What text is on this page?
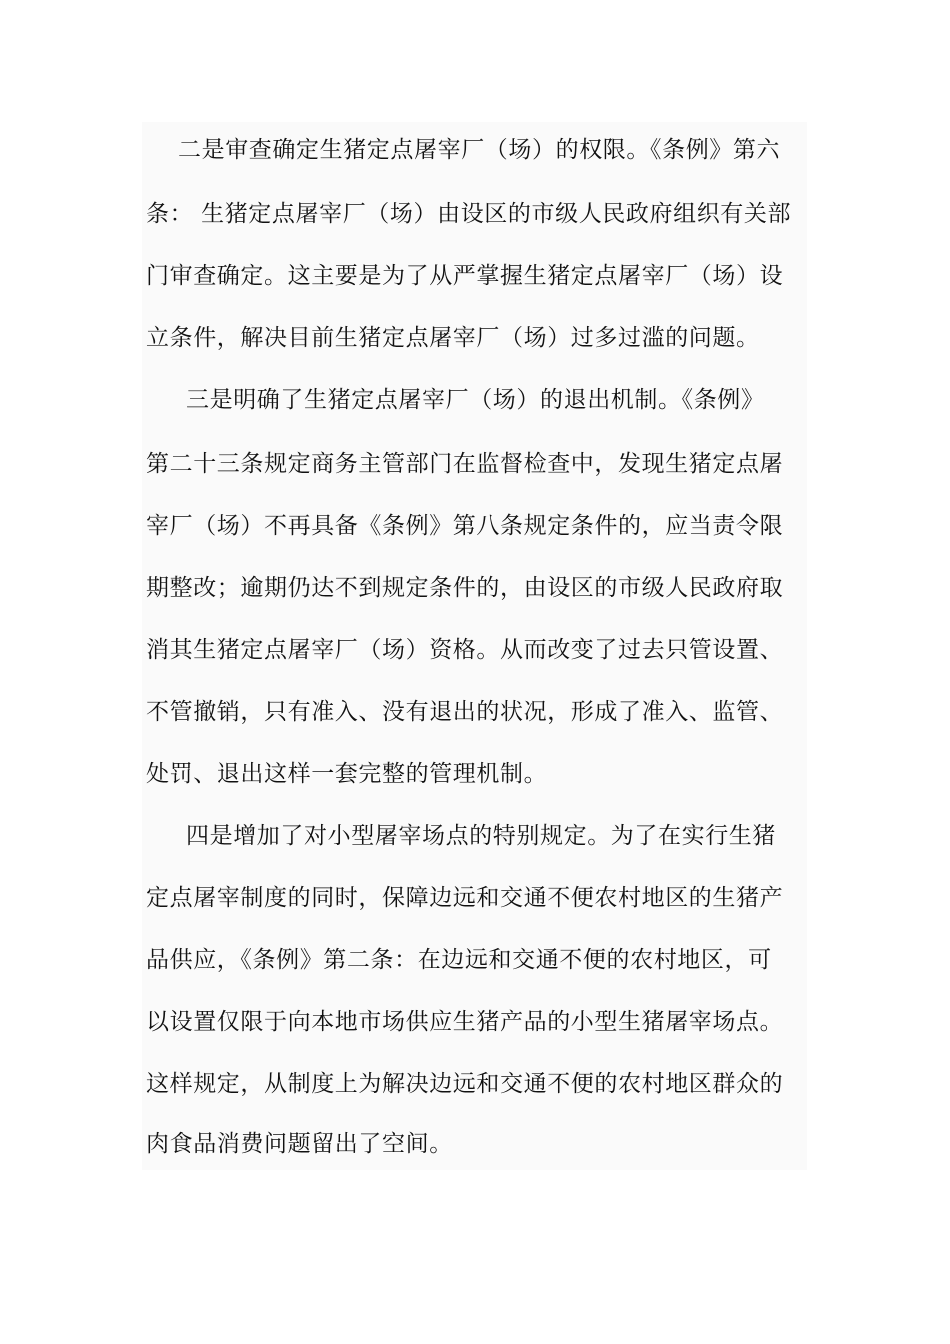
二是审查确定生猪定点屠宰厂（场）的权限。《条例》第六
条： 生猪定点屠宰厂（场）由设区的市级人民政府组织有关部
门审查确定。这主要是为了从严掌握生猪定点屠宰厂（场）设
立条件，解决目前生猪定点屠宰厂（场）过多过滥的问题。
三是明确了生猪定点屠宰厂（场）的退出机制。《条例》
第二十三条规定商务主管部门在监督检查中，发现生猪定点屠
宰厂（场）不再具备《条例》第八条规定条件的，应当责令限
期整改；逾期仍达不到规定条件的，由设区的市级人民政府取
消其生猪定点屠宰厂（场）资格。从而改变了过去只管设置、
不管撤销，只有准入、没有退出的状况，形成了准入、监管、
处罚、退出这样一套完整的管理机制。
四是增加了对小型屠宰场点的特别规定。为了在实行生猪
定点屠宰制度的同时，保障边远和交通不便农村地区的生猪产
品供应，《条例》第二条：在边远和交通不便的农村地区，可
以设置仅限于向本地市场供应生猪产品的小型生猪屠宰场点。
这样规定，从制度上为解决边远和交通不便的农村地区群众的
肉食品消费问题留出了空间。
